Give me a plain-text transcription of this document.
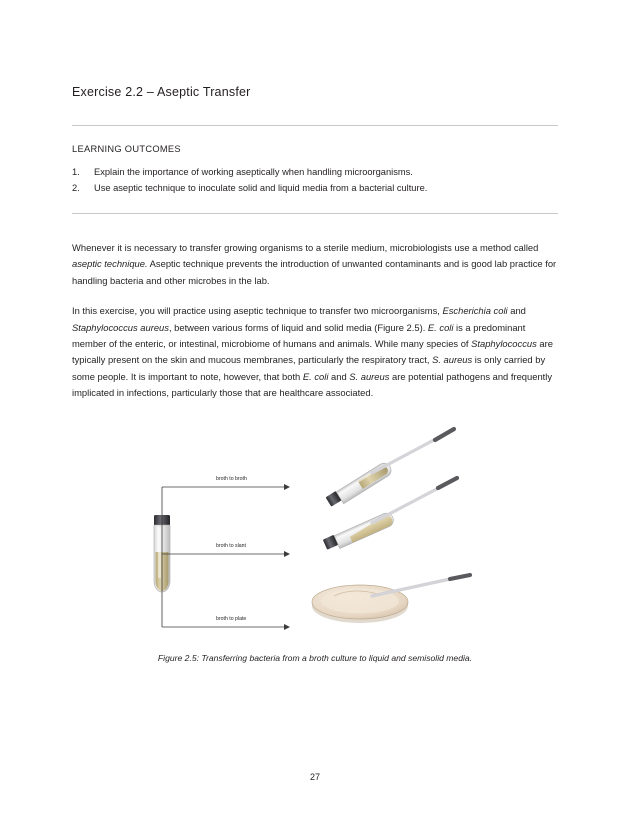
Exercise 2.2 – Aseptic Transfer
LEARNING OUTCOMES
1. Explain the importance of working aseptically when handling microorganisms.
2. Use aseptic technique to inoculate solid and liquid media from a bacterial culture.

Whenever it is necessary to transfer growing organisms to a sterile medium, microbiologists use a method called aseptic technique. Aseptic technique prevents the introduction of unwanted contaminants and is good lab practice for handling bacteria and other microbes in the lab.

In this exercise, you will practice using aseptic technique to transfer two microorganisms, Escherichia coli and Staphylococcus aureus, between various forms of liquid and solid media (Figure 2.5). E. coli is a predominant member of the enteric, or intestinal, microbiome of humans and animals. While many species of Staphylococcus are typically present on the skin and mucous membranes, particularly the respiratory tract, S. aureus is only carried by some people. It is important to note, however, that both E. coli and S. aureus are potential pathogens and frequently implicated in infections, particularly those that are healthcare associated.

broth to broth
broth to slant
broth to plate
Figure 2.5: Transferring bacteria from a broth culture to liquid and semisolid media.
27
